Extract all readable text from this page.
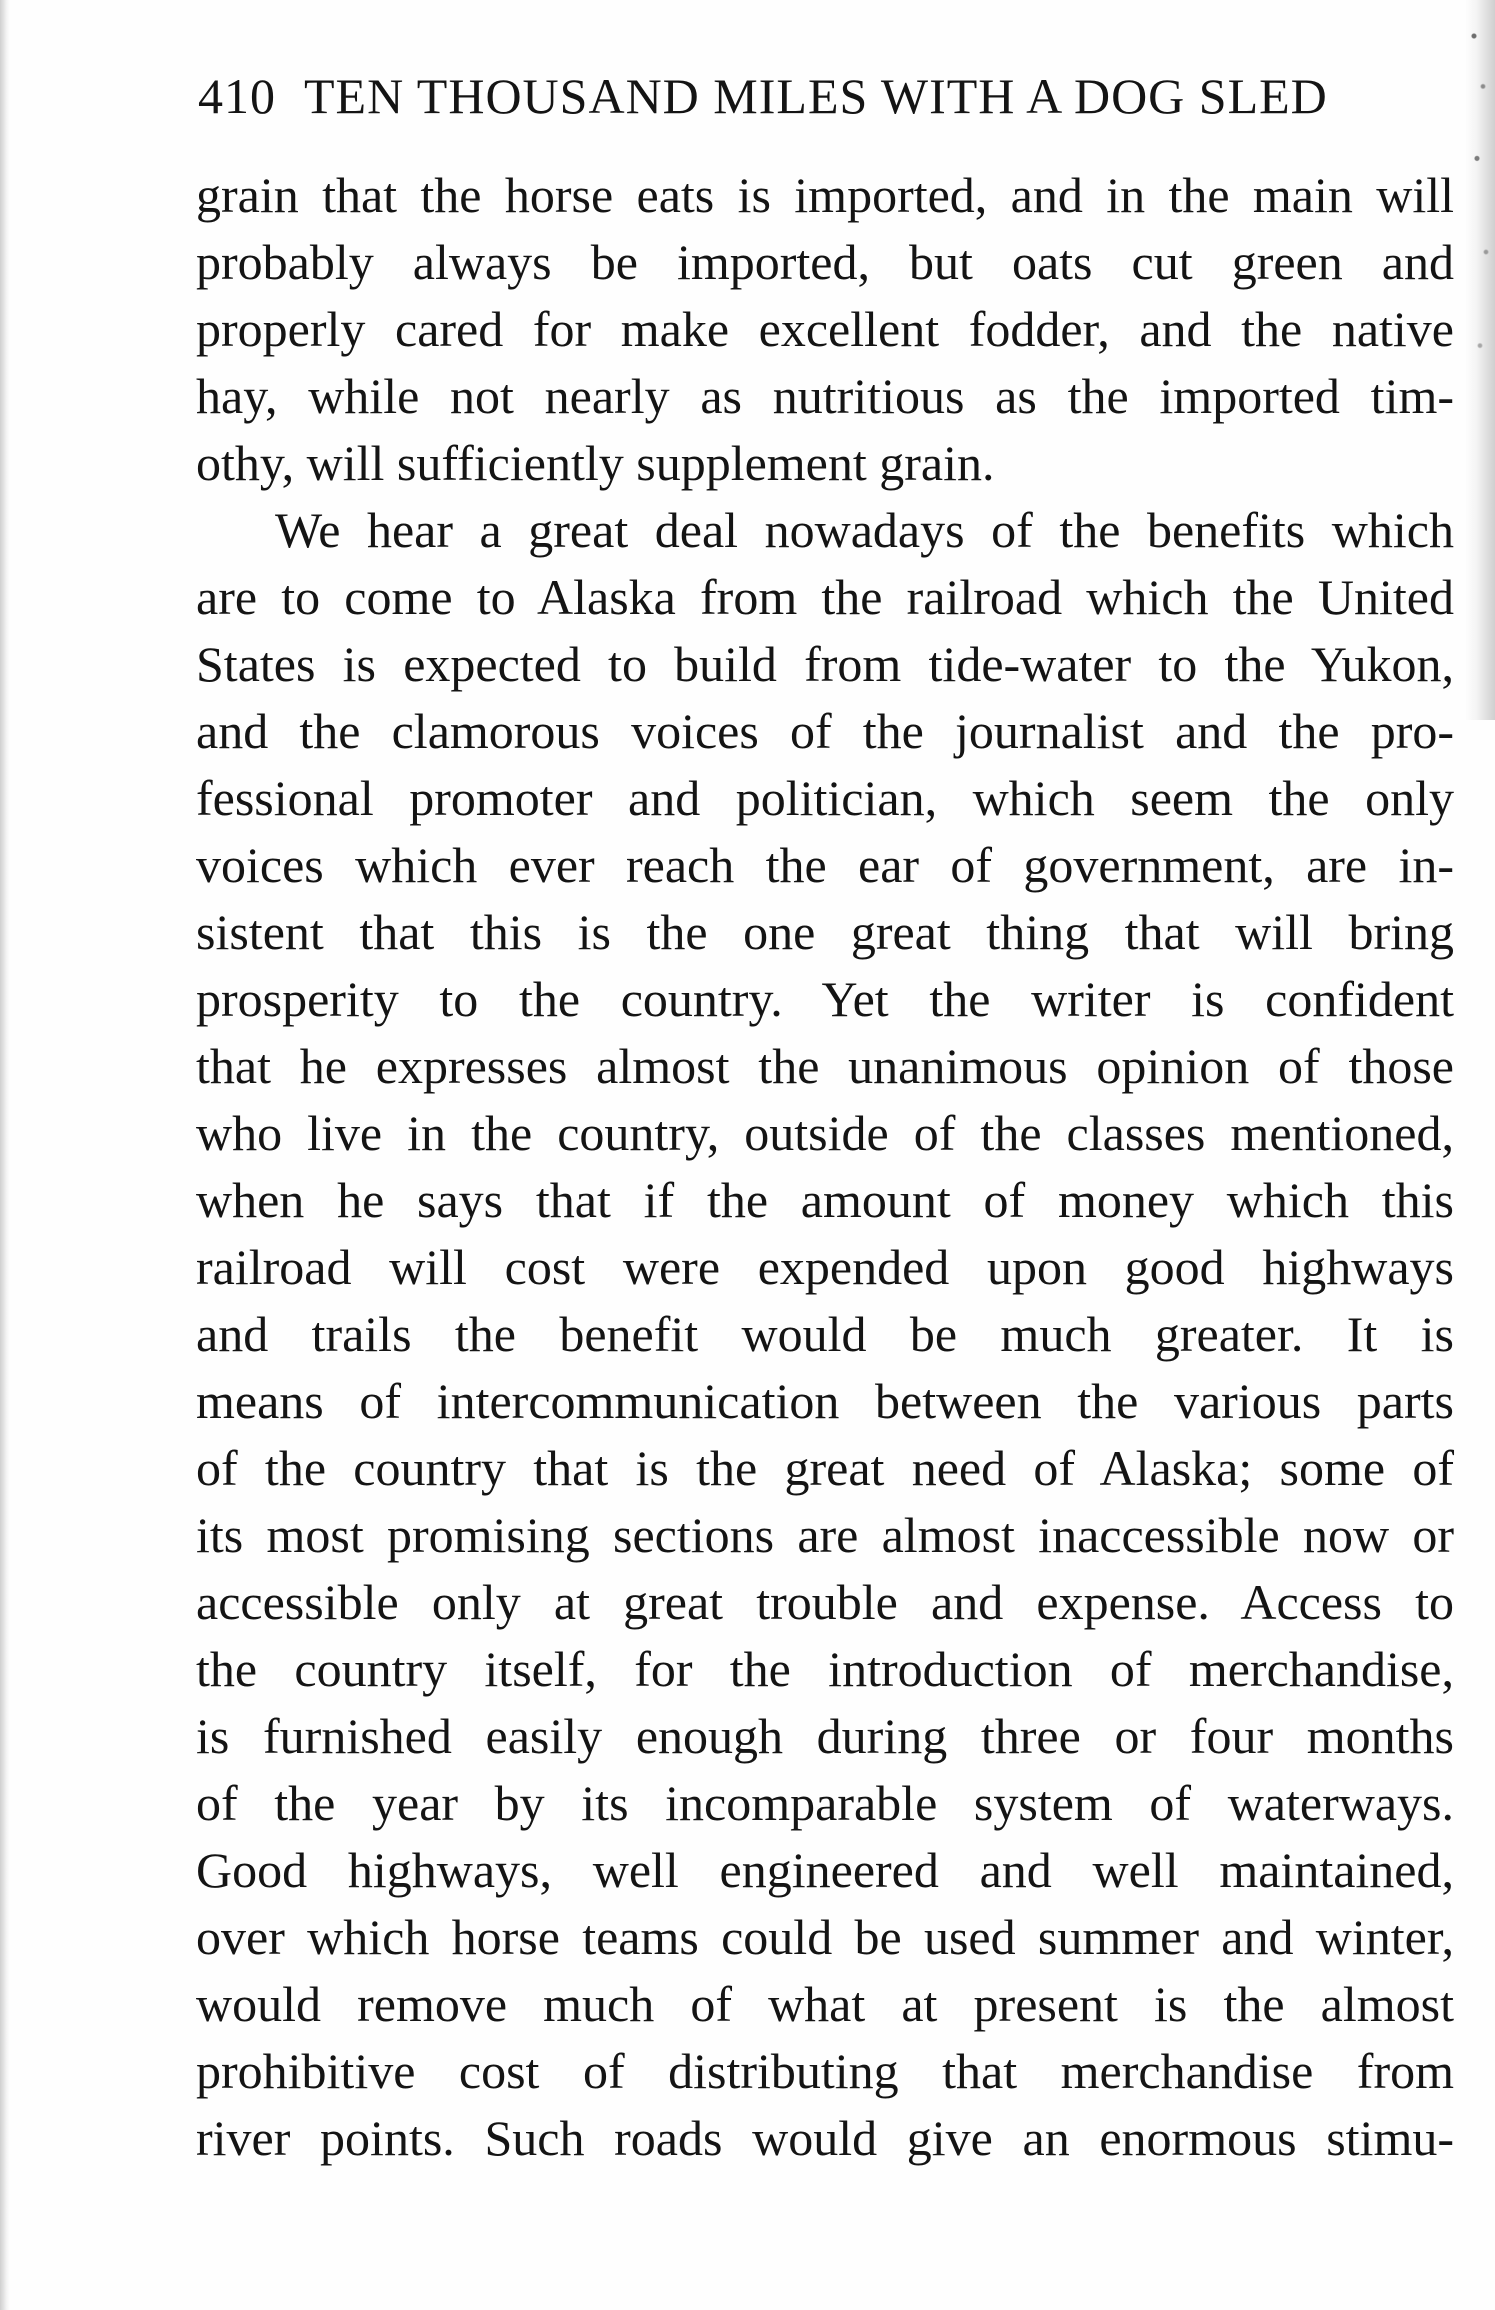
410 TEN THOUSAND MILES WITH A DOG SLED
grain that the horse eats is imported, and in the main will
probably always be imported, but oats cut green and
properly cared for make excellent fodder, and the native
hay, while not nearly as nutritious as the imported tim-
othy, will sufficiently supplement grain.
We hear a great deal nowadays of the benefits which
are to come to Alaska from the railroad which the United
States is expected to build from tide-water to the Yukon,
and the clamorous voices of the journalist and the pro-
fessional promoter and politician, which seem the only
voices which ever reach the ear of government, are in-
sistent that this is the one great thing that will bring
prosperity to the country. Yet the writer is confident
that he expresses almost the unanimous opinion of those
who live in the country, outside of the classes mentioned,
when he says that if the amount of money which this
railroad will cost were expended upon good highways
and trails the benefit would be much greater. It is
means of intercommunication between the various parts
of the country that is the great need of Alaska; some of
its most promising sections are almost inaccessible now or
accessible only at great trouble and expense. Access to
the country itself, for the introduction of merchandise,
is furnished easily enough during three or four months
of the year by its incomparable system of waterways.
Good highways, well engineered and well maintained,
over which horse teams could be used summer and winter,
would remove much of what at present is the almost
prohibitive cost of distributing that merchandise from
river points. Such roads would give an enormous stimu-
